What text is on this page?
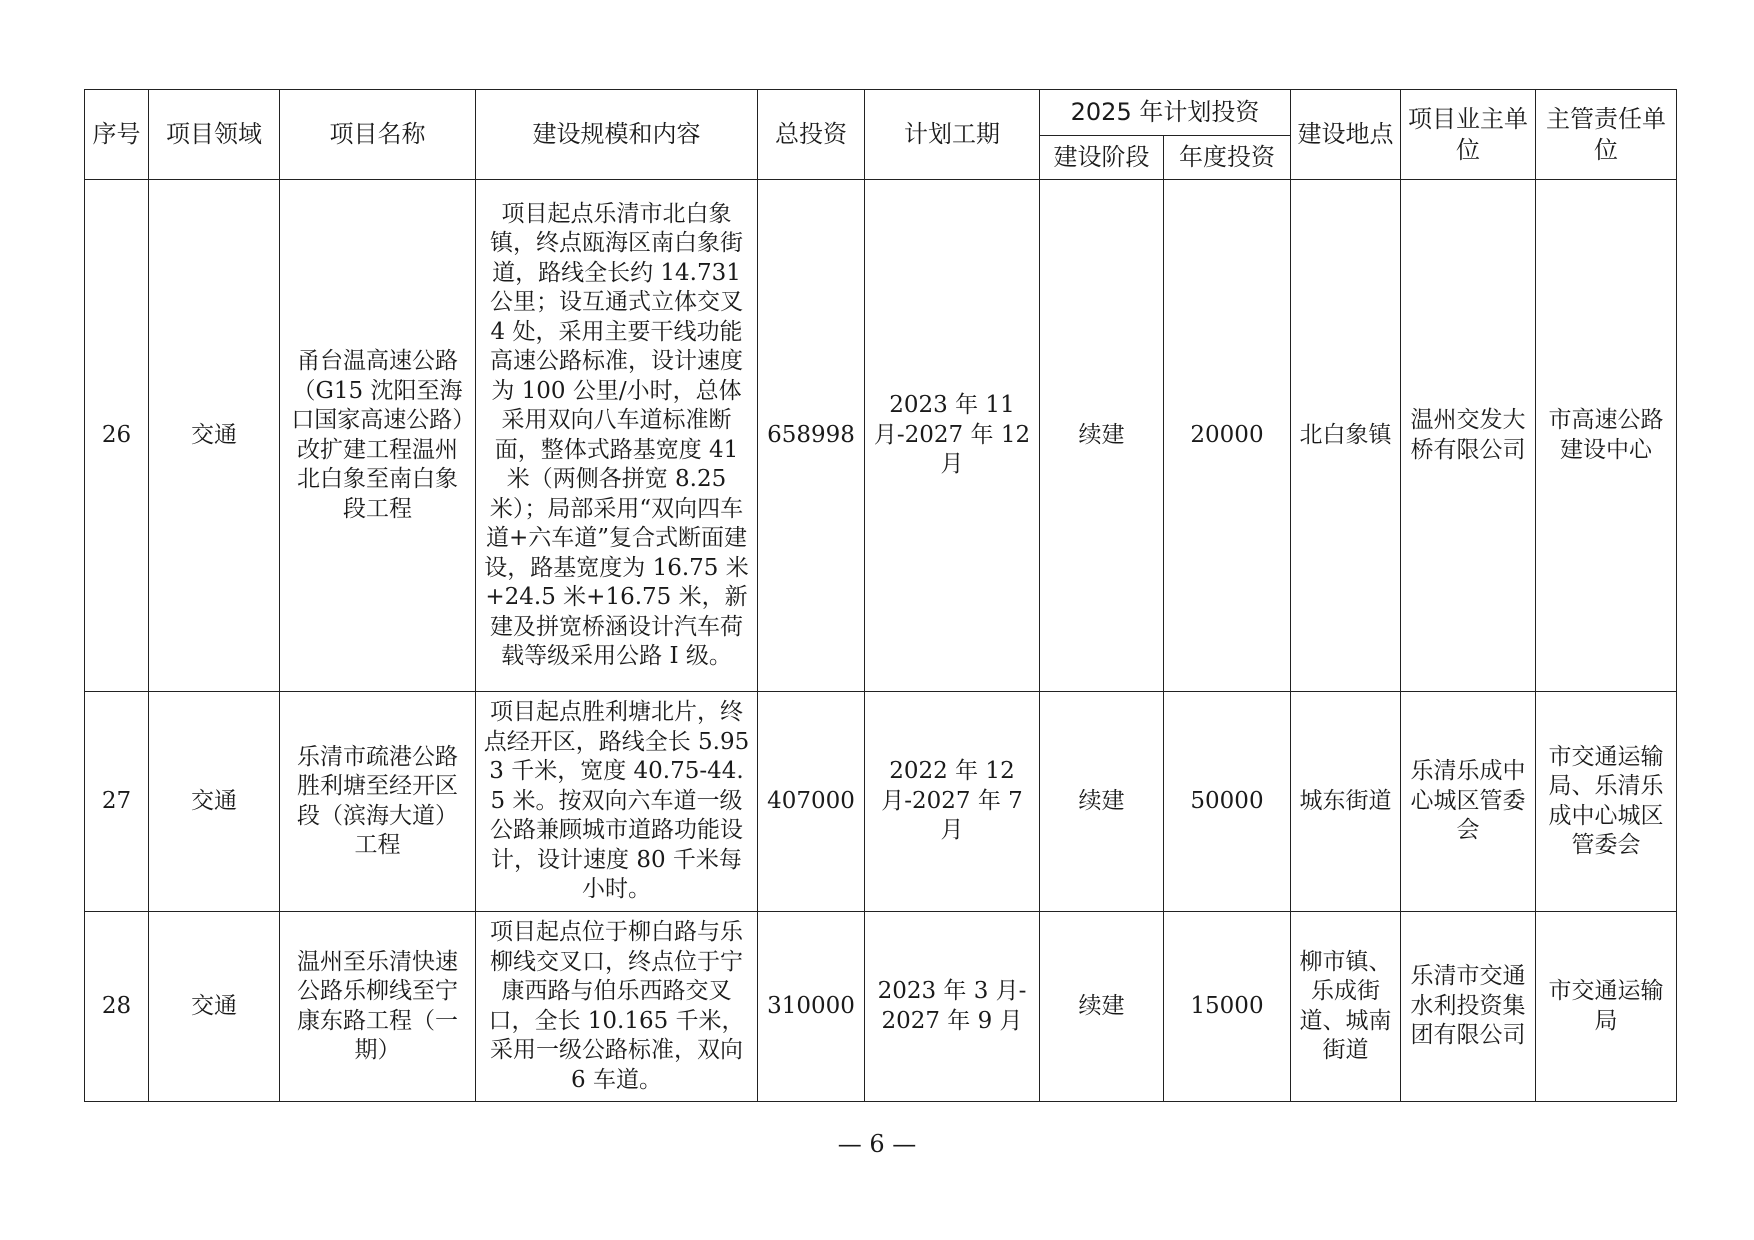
序号	项目领域	项目名称	建设规模和内容	总投资	计划工期	2025 年计划投资		建设地点	项目业主单位	主管责任单位
						建设阶段	年度投资			
26	交通	甬台温高速公路（G15 沈阳至海口国家高速公路）改扩建工程温州北白象至南白象段工程	项目起点乐清市北白象镇，终点瓯海区南白象街道，路线全长约 14.731 公里；设互通式立体交叉 4 处，采用主要干线功能高速公路标准，设计速度为 100 公里/小时，总体采用双向八车道标准断面，整体式路基宽度 41 米（两侧各拼宽 8.25 米）；局部采用“双向四车道+六车道”复合式断面建设，路基宽度为 16.75 米+24.5 米+16.75 米，新建及拼宽桥涵设计汽车荷载等级采用公路 I 级。	658998	2023 年 11 月-2027 年 12 月	续建	20000	北白象镇	温州交发大桥有限公司	市高速公路建设中心
27	交通	乐清市疏港公路胜利塘至经开区段（滨海大道）工程	项目起点胜利塘北片，终点经开区，路线全长 5.953 千米，宽度 40.75-44.5 米。按双向六车道一级公路兼顾城市道路功能设计，设计速度 80 千米每小时。	407000	2022 年 12 月-2027 年 7 月	续建	50000	城东街道	乐清乐成中心城区管委会	市交通运输局、乐清乐成中心城区管委会
28	交通	温州至乐清快速公路乐柳线至宁康东路工程（一期）	项目起点位于柳白路与乐柳线交叉口，终点位于宁康西路与伯乐西路交叉口，全长 10.165 千米，采用一级公路标准，双向 6 车道。	310000	2023 年 3 月-2027 年 9 月	续建	15000	柳市镇、乐成街道、城南街道	乐清市交通水利投资集团有限公司	市交通运输局
— 6 —
